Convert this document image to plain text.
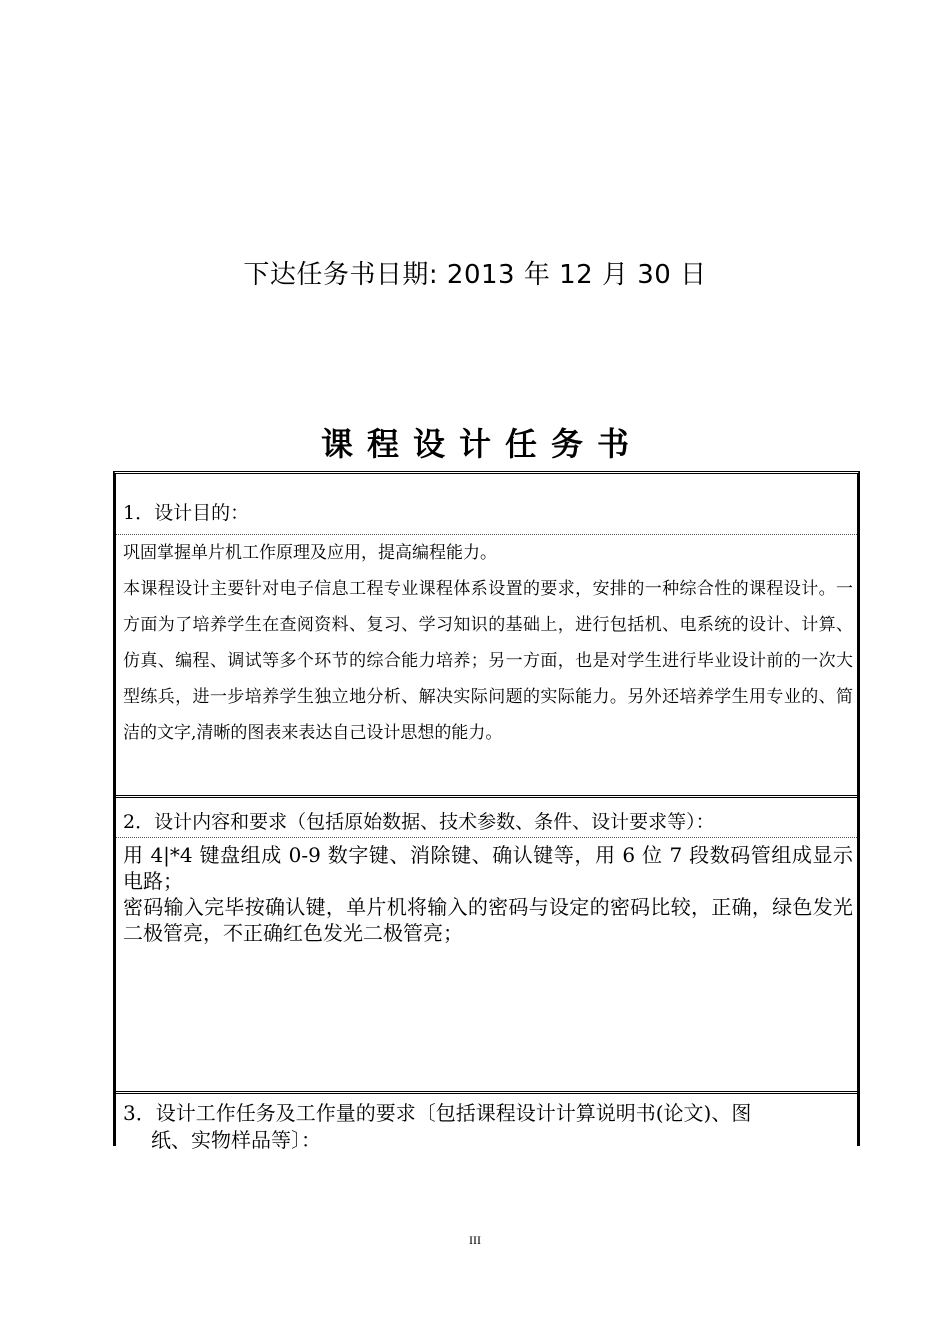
下达任务书日期: 2013 年 12 月 30 日
课程设计任务书
1．设计目的：

巩固掌握单片机工作原理及应用，提高编程能力。

本课程设计主要针对电子信息工程专业课程体系设置的要求，安排的一种综合性的课程设计。一方面为了培养学生在查阅资料、复习、学习知识的基础上，进行包括机、电系统的设计、计算、仿真、编程、调试等多个环节的综合能力培养；另一方面，也是对学生进行毕业设计前的一次大型练兵，进一步培养学生独立地分析、解决实际问题的实际能力。另外还培养学生用专业的、简洁的文字,清晰的图表来表达自己设计思想的能力。

2．设计内容和要求（包括原始数据、技术参数、条件、设计要求等）：

用 4|*4 键盘组成 0-9 数字键、消除键、确认键等，用 6 位 7 段数码管组成显示电路；

密码输入完毕按确认键，单片机将输入的密码与设定的密码比较，正确，绿色发光二极管亮，不正确红色发光二极管亮；

3．设计工作任务及工作量的要求〔包括课程设计计算说明书(论文)、图
纸、实物样品等〕：
III
